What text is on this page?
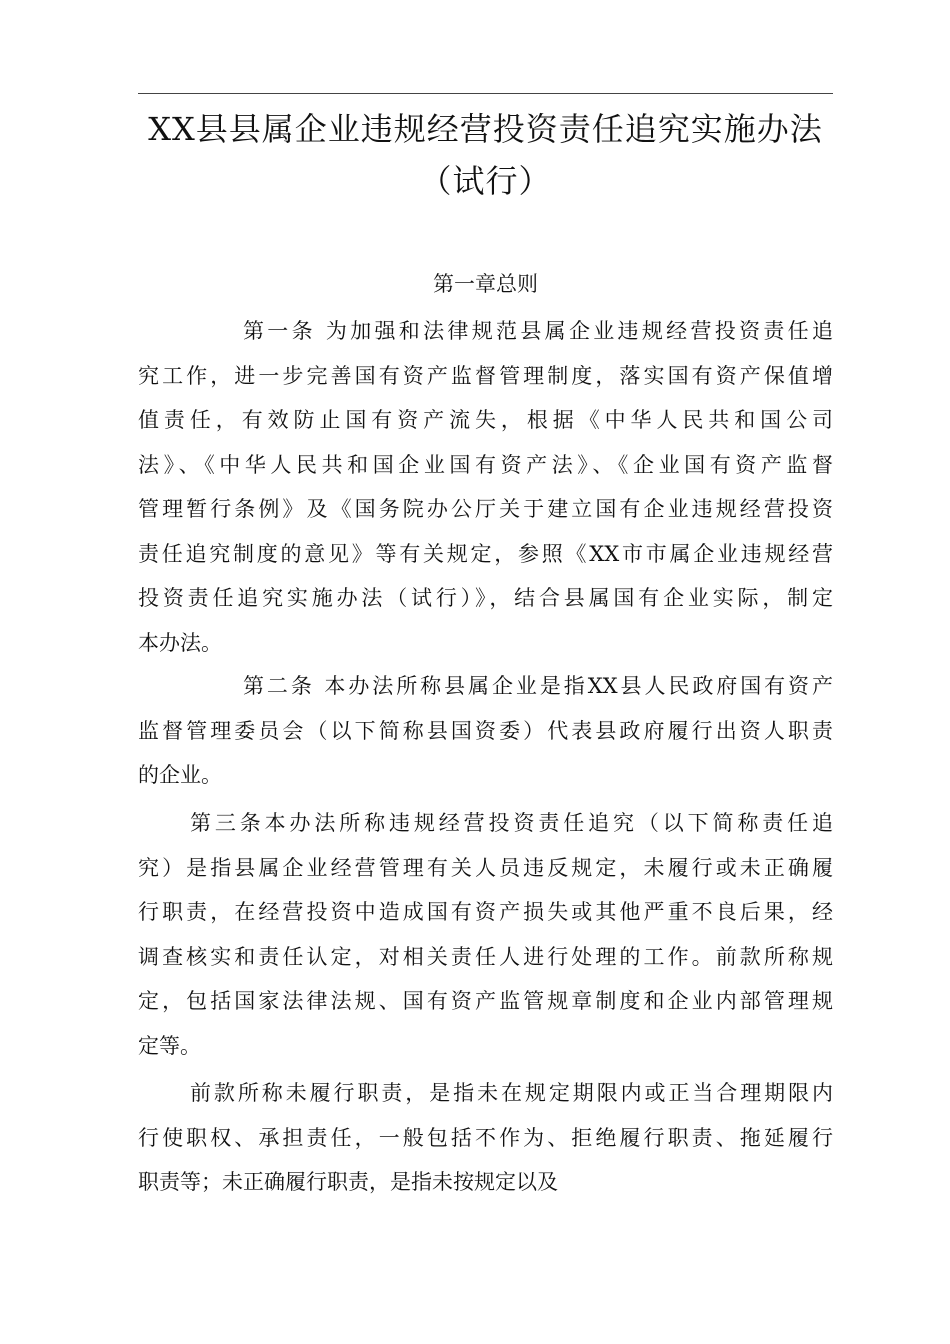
XX县县属企业违规经营投资责任追究实施办法
（试行）
第一章总则

第一条 为加强和法律规范县属企业违规经营投资责任追
究工作，进一步完善国有资产监督管理制度，落实国有资产保值增
值责任，有效防止国有资产流失，根据《中华人民共和国公司
法》、《中华人民共和国企业国有资产法》、《企业国有资产监督
管理暂行条例》及《国务院办公厅关于建立国有企业违规经营投资
责任追究制度的意见》等有关规定，参照《XX市市属企业违规经营
投资责任追究实施办法（试行）》，结合县属国有企业实际，制定
本办法。

第二条 本办法所称县属企业是指XX县人民政府国有资产
监督管理委员会（以下简称县国资委）代表县政府履行出资人职责
的企业。

第三条本办法所称违规经营投资责任追究（以下简称责任追
究）是指县属企业经营管理有关人员违反规定，未履行或未正确履
行职责，在经营投资中造成国有资产损失或其他严重不良后果，经
调查核实和责任认定，对相关责任人进行处理的工作。前款所称规
定，包括国家法律法规、国有资产监管规章制度和企业内部管理规
定等。

前款所称未履行职责，是指未在规定期限内或正当合理期限内
行使职权、承担责任，一般包括不作为、拒绝履行职责、拖延履行
职责等；未正确履行职责，是指未按规定以及
